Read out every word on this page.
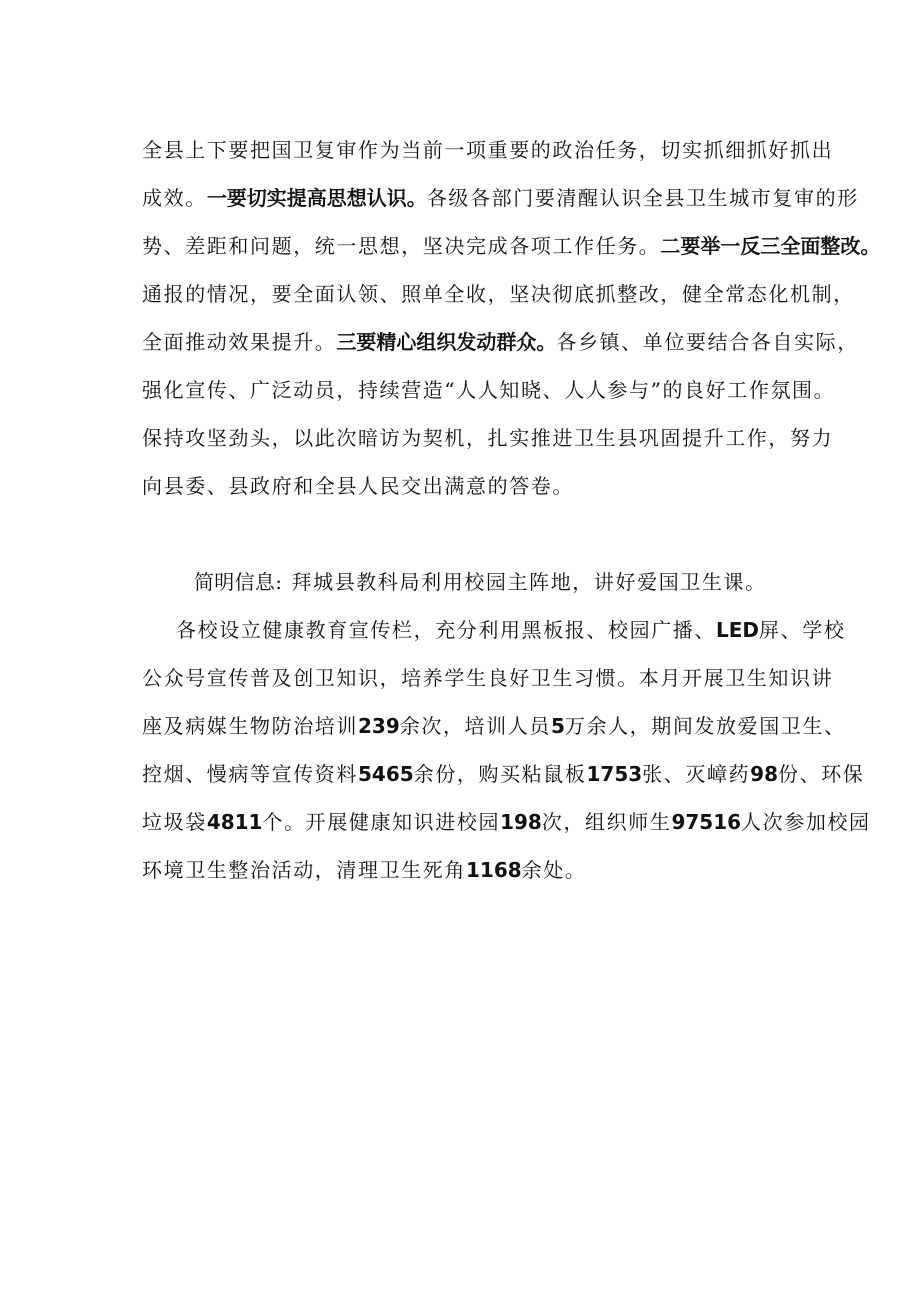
全县上下要把国卫复审作为当前一项重要的政治任务，切实抓细抓好抓出
成效。一要切实提高思想认识。各级各部门要清醒认识全县卫生城市复审的形
势、差距和问题，统一思想，坚决完成各项工作任务。二要举一反三全面整改。
通报的情况，要全面认领、照单全收，坚决彻底抓整改，健全常态化机制，
全面推动效果提升。三要精心组织发动群众。各乡镇、单位要结合各自实际，
强化宣传、广泛动员，持续营造“人人知晓、人人参与”的良好工作氛围。
保持攻坚劲头，以此次暗访为契机，扎实推进卫生县巩固提升工作，努力
向县委、县政府和全县人民交出满意的答卷。
简明信息: 拜城县教科局利用校园主阵地，讲好爱国卫生课。
各校设立健康教育宣传栏，充分利用黑板报、校园广播、LED屏、学校
公众号宣传普及创卫知识，培养学生良好卫生习惯。本月开展卫生知识讲
座及病媒生物防治培训239余次，培训人员5万余人，期间发放爱国卫生、
控烟、慢病等宣传资料5465余份，购买粘鼠板1753张、灭嶂药98份、环保
垃圾袋4811个。开展健康知识进校园198次，组织师生97516人次参加校园
环境卫生整治活动，清理卫生死角1168余处。
